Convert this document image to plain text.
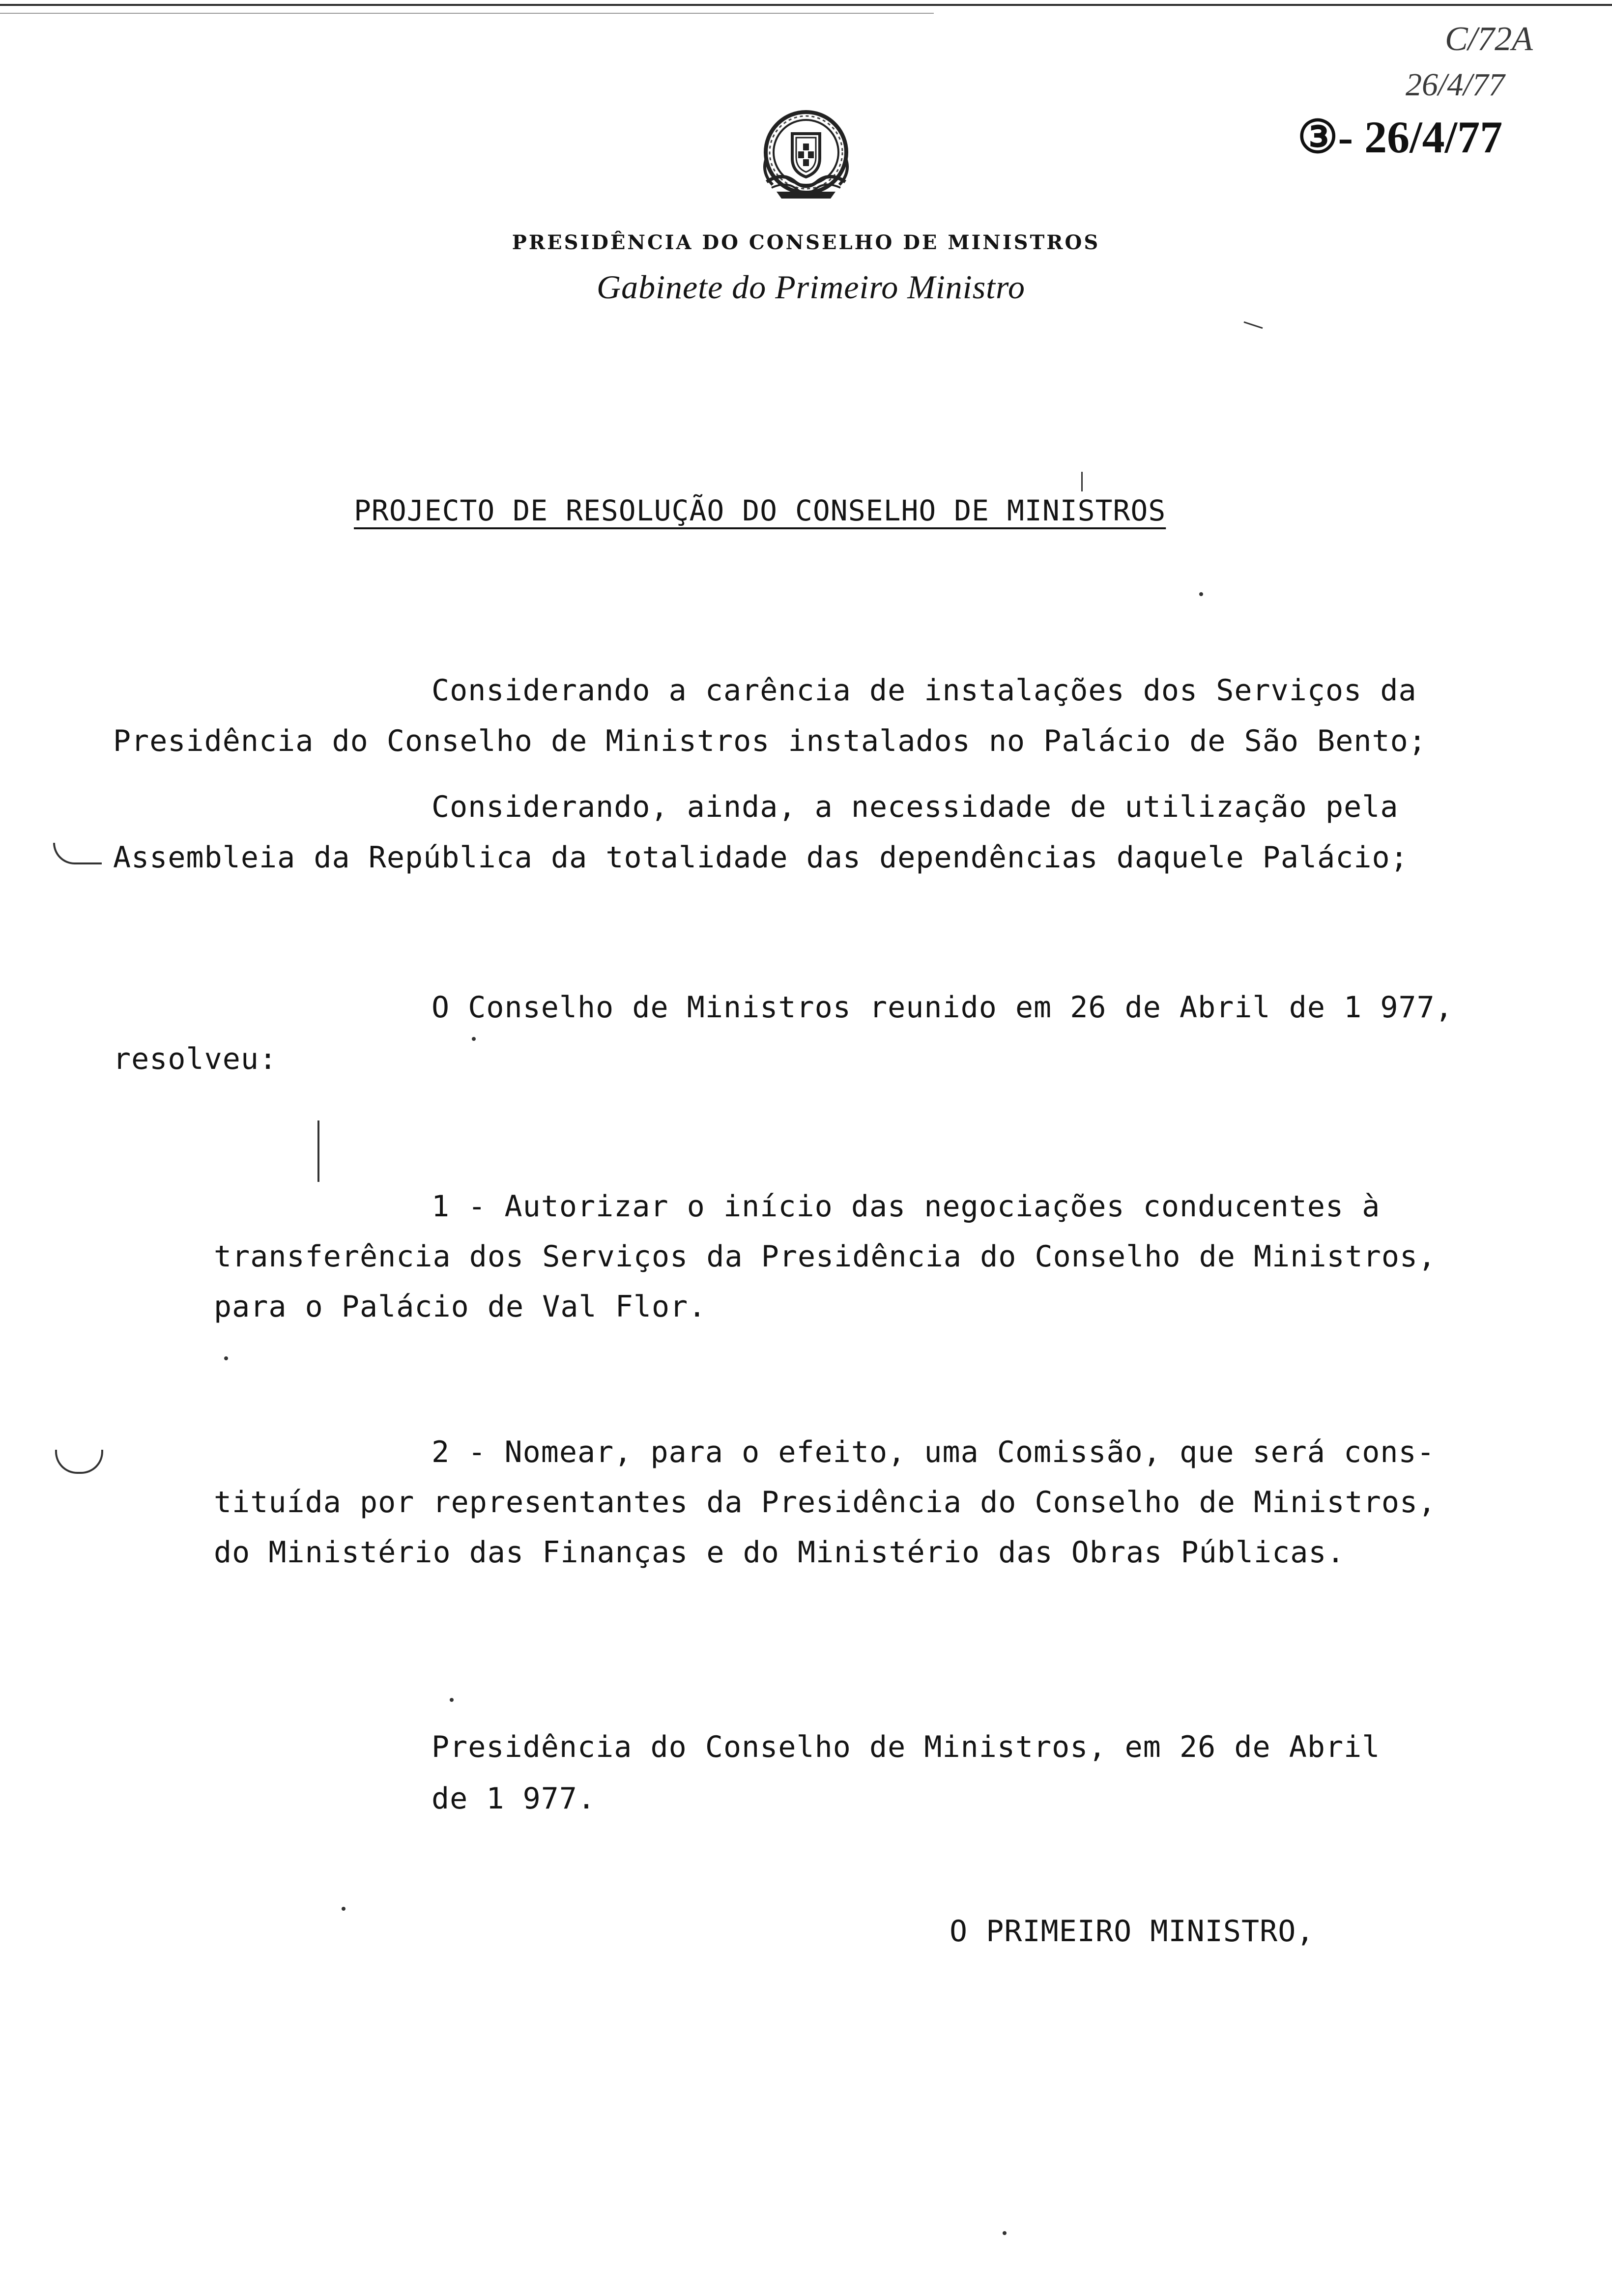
PRESIDÊNCIA DO CONSELHO DE MINISTROS
Gabinete do Primeiro Ministro
C/72A
26/4/77
③- 26/4/77
PROJECTO DE RESOLUÇÃO DO CONSELHO DE MINISTROS
Considerando a carência de instalações dos Serviços da
Presidência do Conselho de Ministros instalados no Palácio de São Bento;
Considerando, ainda, a necessidade de utilização pela
Assembleia da República da totalidade das dependências daquele Palácio;
O Conselho de Ministros reunido em 26 de Abril de 1 977,
resolveu:
1 - Autorizar o início das negociações conducentes à
transferência dos Serviços da Presidência do Conselho de Ministros,
para o Palácio de Val Flor.
2 - Nomear, para o efeito, uma Comissão, que será cons-
tituída por representantes da Presidência do Conselho de Ministros,
do Ministério das Finanças e do Ministério das Obras Públicas.
Presidência do Conselho de Ministros, em 26 de Abril
de 1 977.
O PRIMEIRO MINISTRO,
